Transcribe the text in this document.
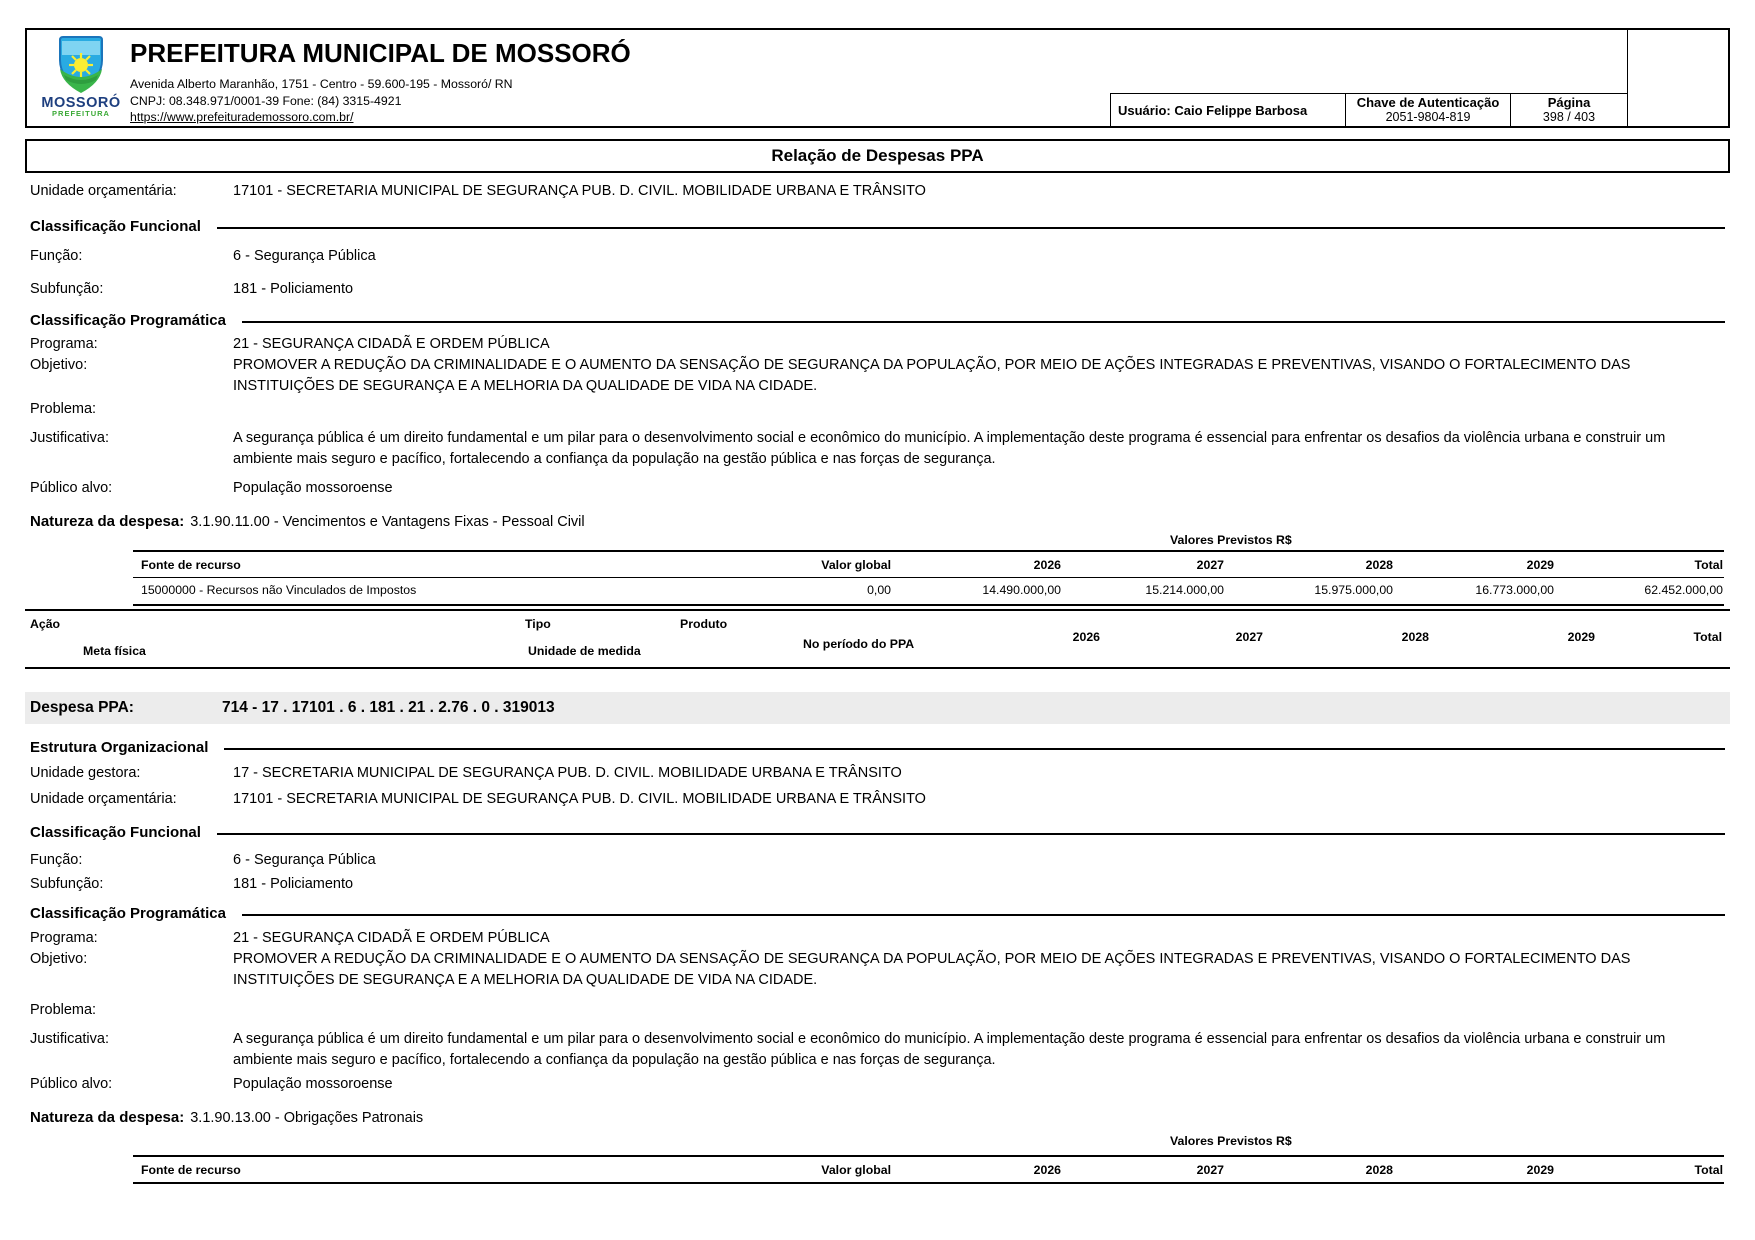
MOSSORÓ
PREFEITURA
PREFEITURA MUNICIPAL DE MOSSORÓ
Avenida Alberto Maranhão, 1751 - Centro - 59.600-195 - Mossoró/ RN
CNPJ: 08.348.971/0001-39 Fone: (84) 3315-4921
https://www.prefeiturademossoro.com.br/	Usuário: Caio Felippe Barbosa	Chave de Autenticação
2051-9804-819
Página
398 / 403
Relação de Despesas PPA
Unidade orçamentária:	17101 - SECRETARIA MUNICIPAL DE SEGURANÇA PUB. D. CIVIL. MOBILIDADE URBANA E TRÂNSITO
Classificação Funcional
Função:	6 - Segurança Pública
Subfunção:	181 - Policiamento
Classificação Programática
Programa:	21 - SEGURANÇA CIDADÃ E ORDEM PÚBLICA
Objetivo:	PROMOVER A REDUÇÃO DA CRIMINALIDADE E O AUMENTO DA SENSAÇÃO DE SEGURANÇA DA POPULAÇÃO, POR MEIO DE AÇÕES INTEGRADAS E PREVENTIVAS, VISANDO O FORTALECIMENTO DAS INSTITUIÇÕES DE SEGURANÇA E A MELHORIA DA QUALIDADE DE VIDA NA CIDADE.
Problema:
Justificativa:	A segurança pública é um direito fundamental e um pilar para o desenvolvimento social e econômico do município. A implementação deste programa é essencial para enfrentar os desafios da violência urbana e construir um ambiente mais seguro e pacífico, fortalecendo a confiança da população na gestão pública e nas forças de segurança.
Público alvo:	População mossoroense
Natureza da despesa: 3.1.90.11.00 - Vencimentos e Vantagens Fixas - Pessoal Civil
Valores Previstos R$
Fonte de recurso	Valor global	2026	2027	2028	2029	Total
15000000 - Recursos não Vinculados de Impostos	0,00	14.490.000,00	15.214.000,00	15.975.000,00	16.773.000,00	62.452.000,00
Ação	Tipo	Produto
Meta física	Unidade de medida	No período do PPA	2026	2027	2028	2029	Total
Despesa PPA:	714 - 17 . 17101 . 6 . 181 . 21 . 2.76 . 0 . 319013
Estrutura Organizacional
Unidade gestora:	17 - SECRETARIA MUNICIPAL DE SEGURANÇA PUB. D. CIVIL. MOBILIDADE URBANA E TRÂNSITO
Unidade orçamentária:	17101 - SECRETARIA MUNICIPAL DE SEGURANÇA PUB. D. CIVIL. MOBILIDADE URBANA E TRÂNSITO
Classificação Funcional
Função:	6 - Segurança Pública
Subfunção:	181 - Policiamento
Classificação Programática
Programa:	21 - SEGURANÇA CIDADÃ E ORDEM PÚBLICA
Objetivo:	PROMOVER A REDUÇÃO DA CRIMINALIDADE E O AUMENTO DA SENSAÇÃO DE SEGURANÇA DA POPULAÇÃO, POR MEIO DE AÇÕES INTEGRADAS E PREVENTIVAS, VISANDO O FORTALECIMENTO DAS INSTITUIÇÕES DE SEGURANÇA E A MELHORIA DA QUALIDADE DE VIDA NA CIDADE.
Problema:
Justificativa:	A segurança pública é um direito fundamental e um pilar para o desenvolvimento social e econômico do município. A implementação deste programa é essencial para enfrentar os desafios da violência urbana e construir um ambiente mais seguro e pacífico, fortalecendo a confiança da população na gestão pública e nas forças de segurança.
Público alvo:	População mossoroense
Natureza da despesa: 3.1.90.13.00 - Obrigações Patronais
Valores Previstos R$
Fonte de recurso	Valor global	2026	2027	2028	2029	Total
